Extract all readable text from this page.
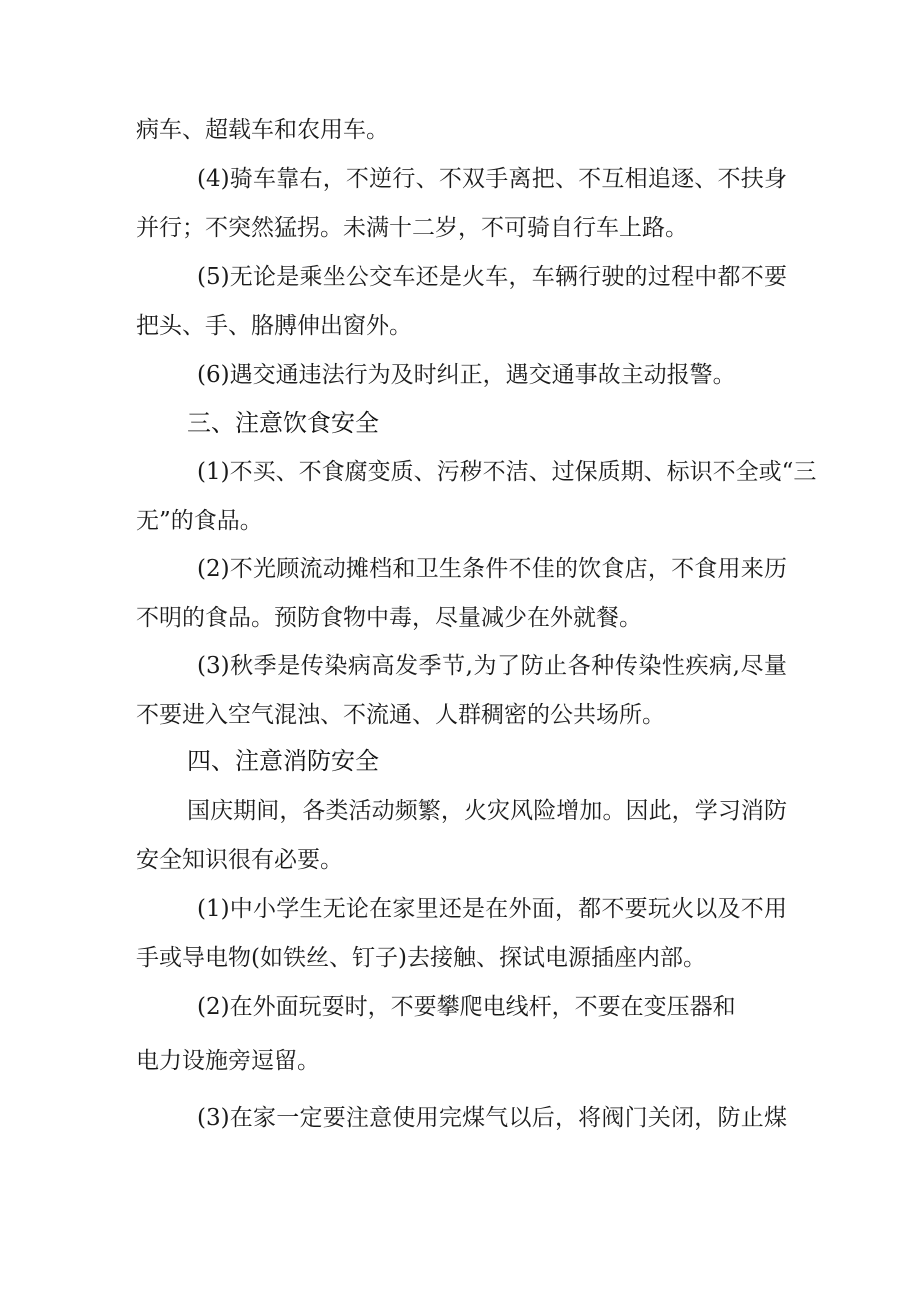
病车、超载车和农用车。
(4)骑车靠右，不逆行、不双手离把、不互相追逐、不扶身
并行；不突然猛拐。未满十二岁，不可骑自行车上路。
(5)无论是乘坐公交车还是火车，车辆行驶的过程中都不要
把头、手、胳膊伸出窗外。
(6)遇交通违法行为及时纠正，遇交通事故主动报警。
三、注意饮食安全
(1)不买、不食腐变质、污秽不洁、过保质期、标识不全或“三
无”的食品。
(2)不光顾流动摊档和卫生条件不佳的饮食店，不食用来历
不明的食品。预防食物中毒，尽量减少在外就餐。
(3)秋季是传染病高发季节,为了防止各种传染性疾病,尽量
不要进入空气混浊、不流通、人群稠密的公共场所。
四、注意消防安全
国庆期间，各类活动频繁，火灾风险增加。因此，学习消防
安全知识很有必要。
(1)中小学生无论在家里还是在外面，都不要玩火以及不用
手或导电物(如铁丝、钉子)去接触、探试电源插座内部。
(2)在外面玩耍时，不要攀爬电线杆，不要在变压器和
电力设施旁逗留。
(3)在家一定要注意使用完煤气以后，将阀门关闭，防止煤
